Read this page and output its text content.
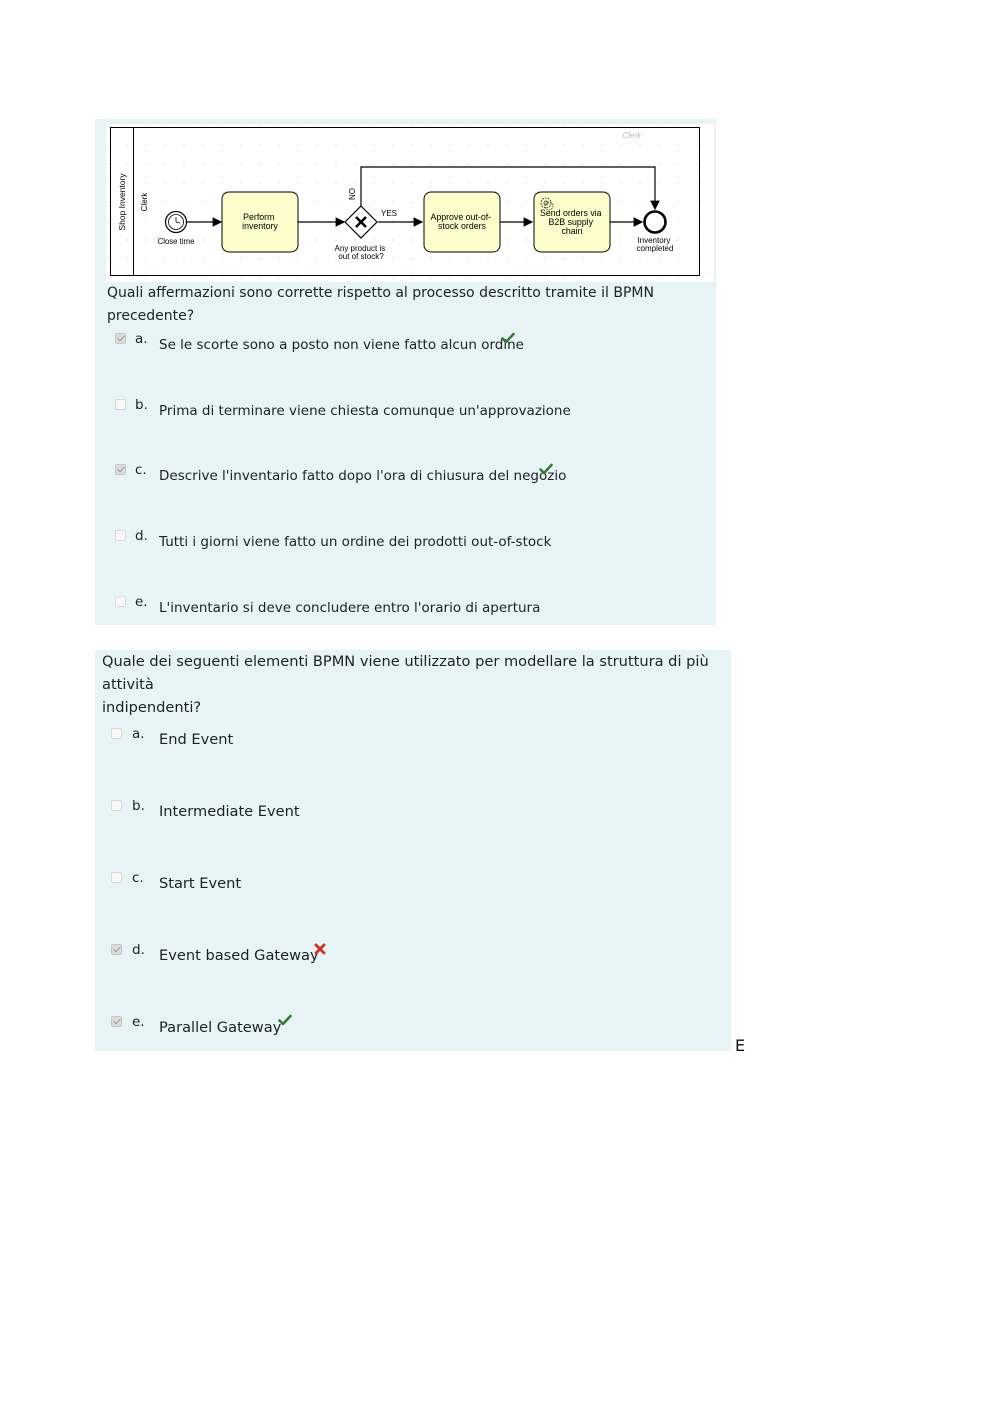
Shop Inventory Clerk
Clerk
Close time
Perform inventory
NO
YES
Any product is out of stock?
Approve out-of- stock orders
Send orders via B2B supply chain
Inventory completed
Quali affermazioni sono corrette rispetto al processo descritto tramite il BPMN precedente?
a. Se le scorte sono a posto non viene fatto alcun ordine
b. Prima di terminare viene chiesta comunque un'approvazione
c. Descrive l'inventario fatto dopo l'ora di chiusura del negozio
d. Tutti i giorni viene fatto un ordine dei prodotti out-of-stock
e. L'inventario si deve concludere entro l'orario di apertura
Quale dei seguenti elementi BPMN viene utilizzato per modellare la struttura di più attività
indipendenti?
a. End Event
b. Intermediate Event
c. Start Event
d. Event based Gateway
e. Parallel Gateway
E
